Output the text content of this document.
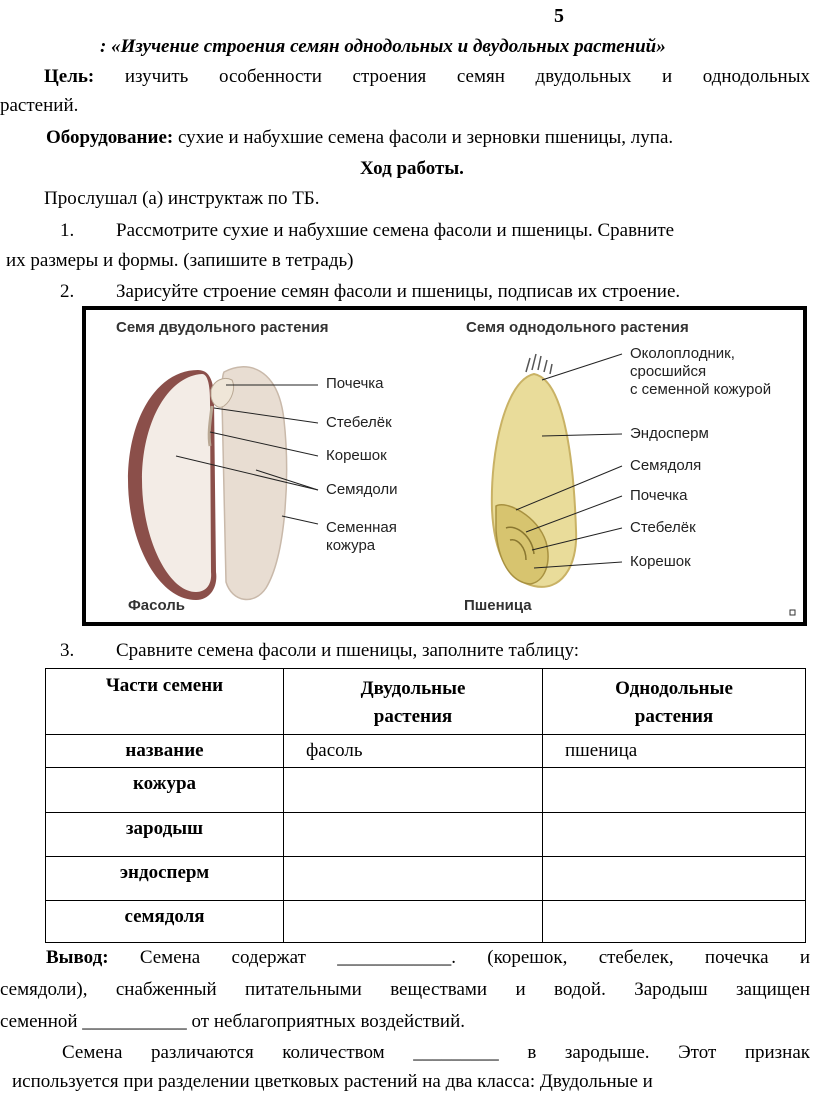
5
: «Изучение строения семян однодольных и двудольных растений»
Цель: изучить особенности строения семян двудольных и однодольных
растений.
Оборудование: сухие и набухшие семена фасоли и зерновки пшеницы, лупа.
Ход работы.
Прослушал (а) инструктаж по ТБ.
1. Рассмотрите сухие и набухшие семена фасоли и пшеницы. Сравните
их размеры и формы. (запишите в тетрадь)
2. Зарисуйте строение семян фасоли и пшеницы, подписав их строение.
Семя двудольного растения	Семя однодольного растения
Почечка
Стебелёк
Корешок
Семядоли
Семенная
кожура
Фасоль
Околоплодник,
сросшийся
с семенной кожурой
Эндосперм
Семядоля
Почечка
Стебелёк
Корешок
Пшеница
3. Сравните семена фасоли и пшеницы, заполните таблицу:
Части семени	Двудольные растения	Однодольные растения
название	фасоль	пшеница
кожура		
зародыш		
эндосперм		
семядоля		
Вывод: Семена содержат ____________. (корешок, стебелек, почечка и
семядоли), снабженный питательными веществами и водой. Зародыш защищен
семенной ___________ от неблагоприятных воздействий.
Семена различаются количеством _________ в зародыше. Этот признак
используется при разделении цветковых растений на два класса: Двудольные и
